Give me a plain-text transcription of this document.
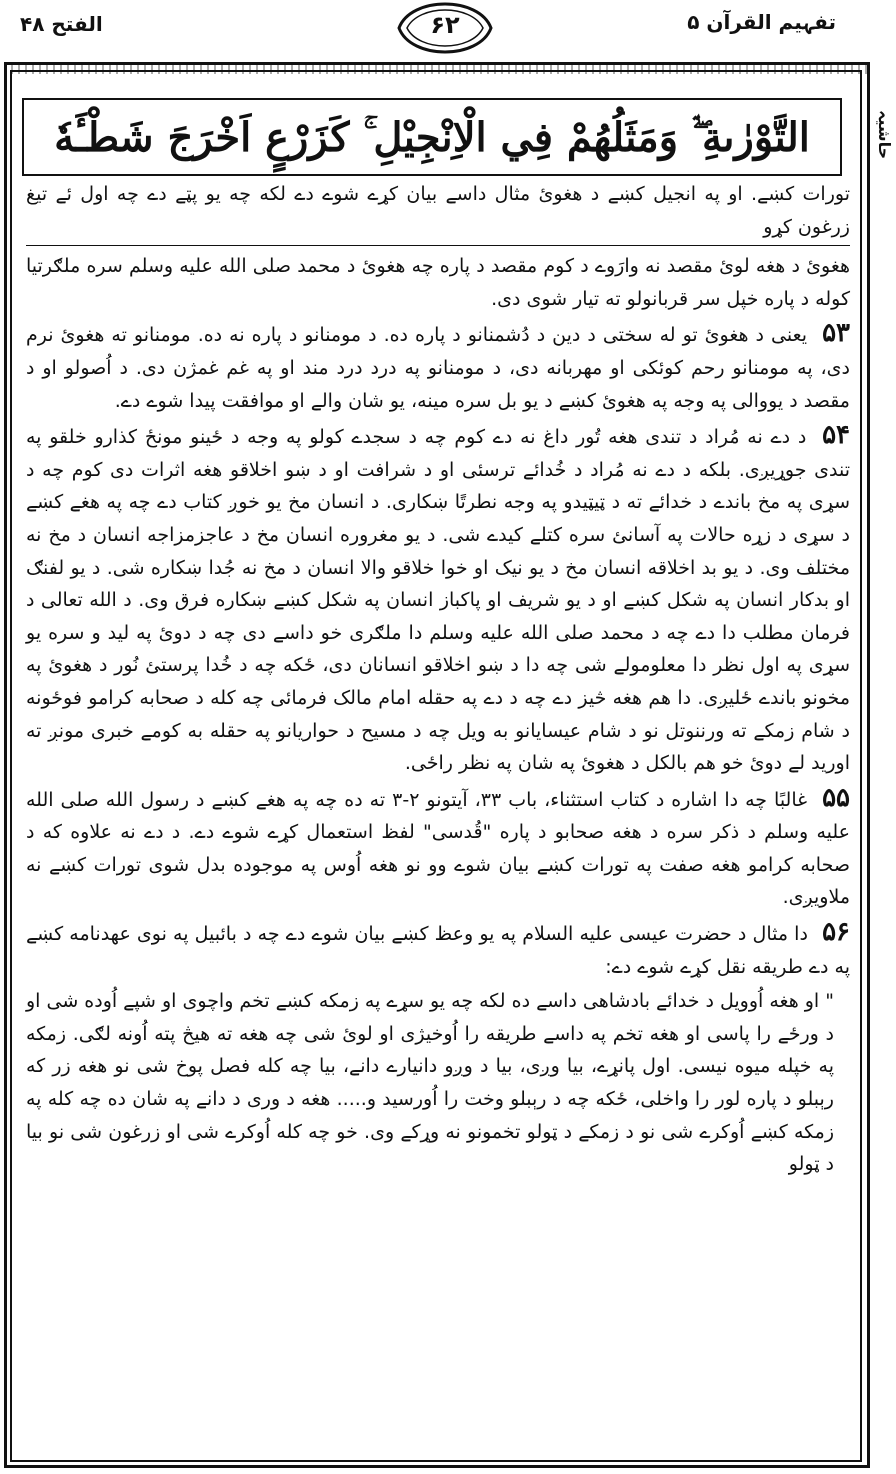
الفتح ۴۸	تفہیم القرآن ۵
۶۲
حاشیہ
التَّوْرٰىةِ ۖۛ وَمَثَلُهُمْ فِي الْاِنْجِيْلِ ۚ كَزَرْعٍ اَخْرَجَ شَطْـَٔهٗ

تورات کښے. او په انجیل کښے د هغوئ مثال داسے بیان کړے شوے دے لکه چه یو پټے دے چه اول ئے تیغ زرغون کړو

هغوئ د هغه لوئ مقصد نه وارَوے د کوم مقصد د پاره چه هغوئ د محمد صلی الله علیه وسلم سره ملګرتیا کوله د پاره خپل سر قربانولو ته تیار شوی دی.

۵۳ یعنی د هغوئ تو له سختی د دین د دُشمنانو د پاره ده. د مومنانو د پاره نه ده. مومنانو ته هغوئ نرم دی، په مومنانو رحم کوئکی او مهربانه دی، د مومنانو په درد درد مند او په غم غمژن دی. د اُصولو او د مقصد د یووالی په وجه په هغوئ کښے د یو بل سره مینه، یو شان والے او موافقت پیدا شوے دے.

۵۴ د دے نه مُراد د تندی هغه تُور داغ نه دے کوم چه د سجدے کولو په وجه د ځینو مونځ کذارو خلقو په تندی جوړیږی. بلکه د دے نه مُراد د خُدائے ترسئی او د شرافت او د ښو اخلاقو هغه اثرات دی کوم چه د سړی په مخ باندے د خدائے ته د ټیټیدو په وجه نطرتًا ښکاری. د انسان مخ یو خوږ کتاب دے چه په هغے کښے د سړی د زړه حالات په آسانئ سره کتلے کیدے شی. د یو مغروره انسان مخ د عاجزمزاجه انسان د مخ نه مختلف وی. د یو بد اخلاقه انسان مخ د یو نیک او خوا خلاقو والا انسان د مخ نه جُدا ښکاره شی. د یو لفنګ او بدکار انسان په شکل کښے او د یو شریف او پاکباز انسان په شکل کښے ښکاره فرق وی. د الله تعالی د فرمان مطلب دا دے چه د محمد صلی الله علیه وسلم دا ملګری خو داسے دی چه د دوئ په لید و سره یو سړی په اول نظر دا معلومولے شی چه دا د ښو اخلاقو انسانان دی، ځکه چه د خُدا پرستئ نُور د هغوئ په مخونو باندے ځلیږی. دا هم هغه څیز دے چه د دے په حقله امام مالک فرمائی چه کله د صحابه کرامو فوځونه د شام زمکے ته ورننوتل نو د شام عیسایانو به ویل چه د مسیح د حواریانو په حقله به کومے خبری مونږ ته اورید لے دوئ خو هم بالکل د هغوئ په شان په نظر راځی.

۵۵ غالبًا چه دا اشاره د کتاب استثناء، باب ۳۳، آیتونو ۲-۳ ته ده چه په هغے کښے د رسول الله صلی الله علیه وسلم د ذکر سره د هغه صحابو د پاره "قُدسی" لفظ استعمال کړے شوے دے. د دے نه علاوه که د صحابه کرامو هغه صفت په تورات کښے بیان شوے وو نو هغه اُوس په موجوده بدل شوی تورات کښے نه ملاویږی.

۵۶ دا مثال د حضرت عیسی علیه السلام په یو وعظ کښے بیان شوے دے چه د بائبیل په نوی عهدنامه کښے په دے طریقه نقل کړے شوے دے:

" او هغه اُوویل د خدائے بادشاهی داسے ده لکه چه یو سړے په زمکه کښے تخم واچوی او شپے اُوده شی او د ورځے را پاسی او هغه تخم په داسے طریقه را اُوخیژی او لوئ شی چه هغه ته هیڅ پته اُونه لګی. زمکه په خپله میوه نیسی. اول پانړے، بیا وږی، بیا د وږو دانیارے دانے، بیا چه کله فصل پوخ شی نو هغه زر که رېبلو د پاره لور را واخلی، ځکه چه د رېبلو وخت را اُورسید و..... هغه د وری د دانے په شان ده چه کله په زمکه کښے اُوکرے شی نو د زمکے د ټولو تخمونو نه وړکے وی. خو چه کله اُوکرے شی او زرغون شی نو بیا د ټولو
